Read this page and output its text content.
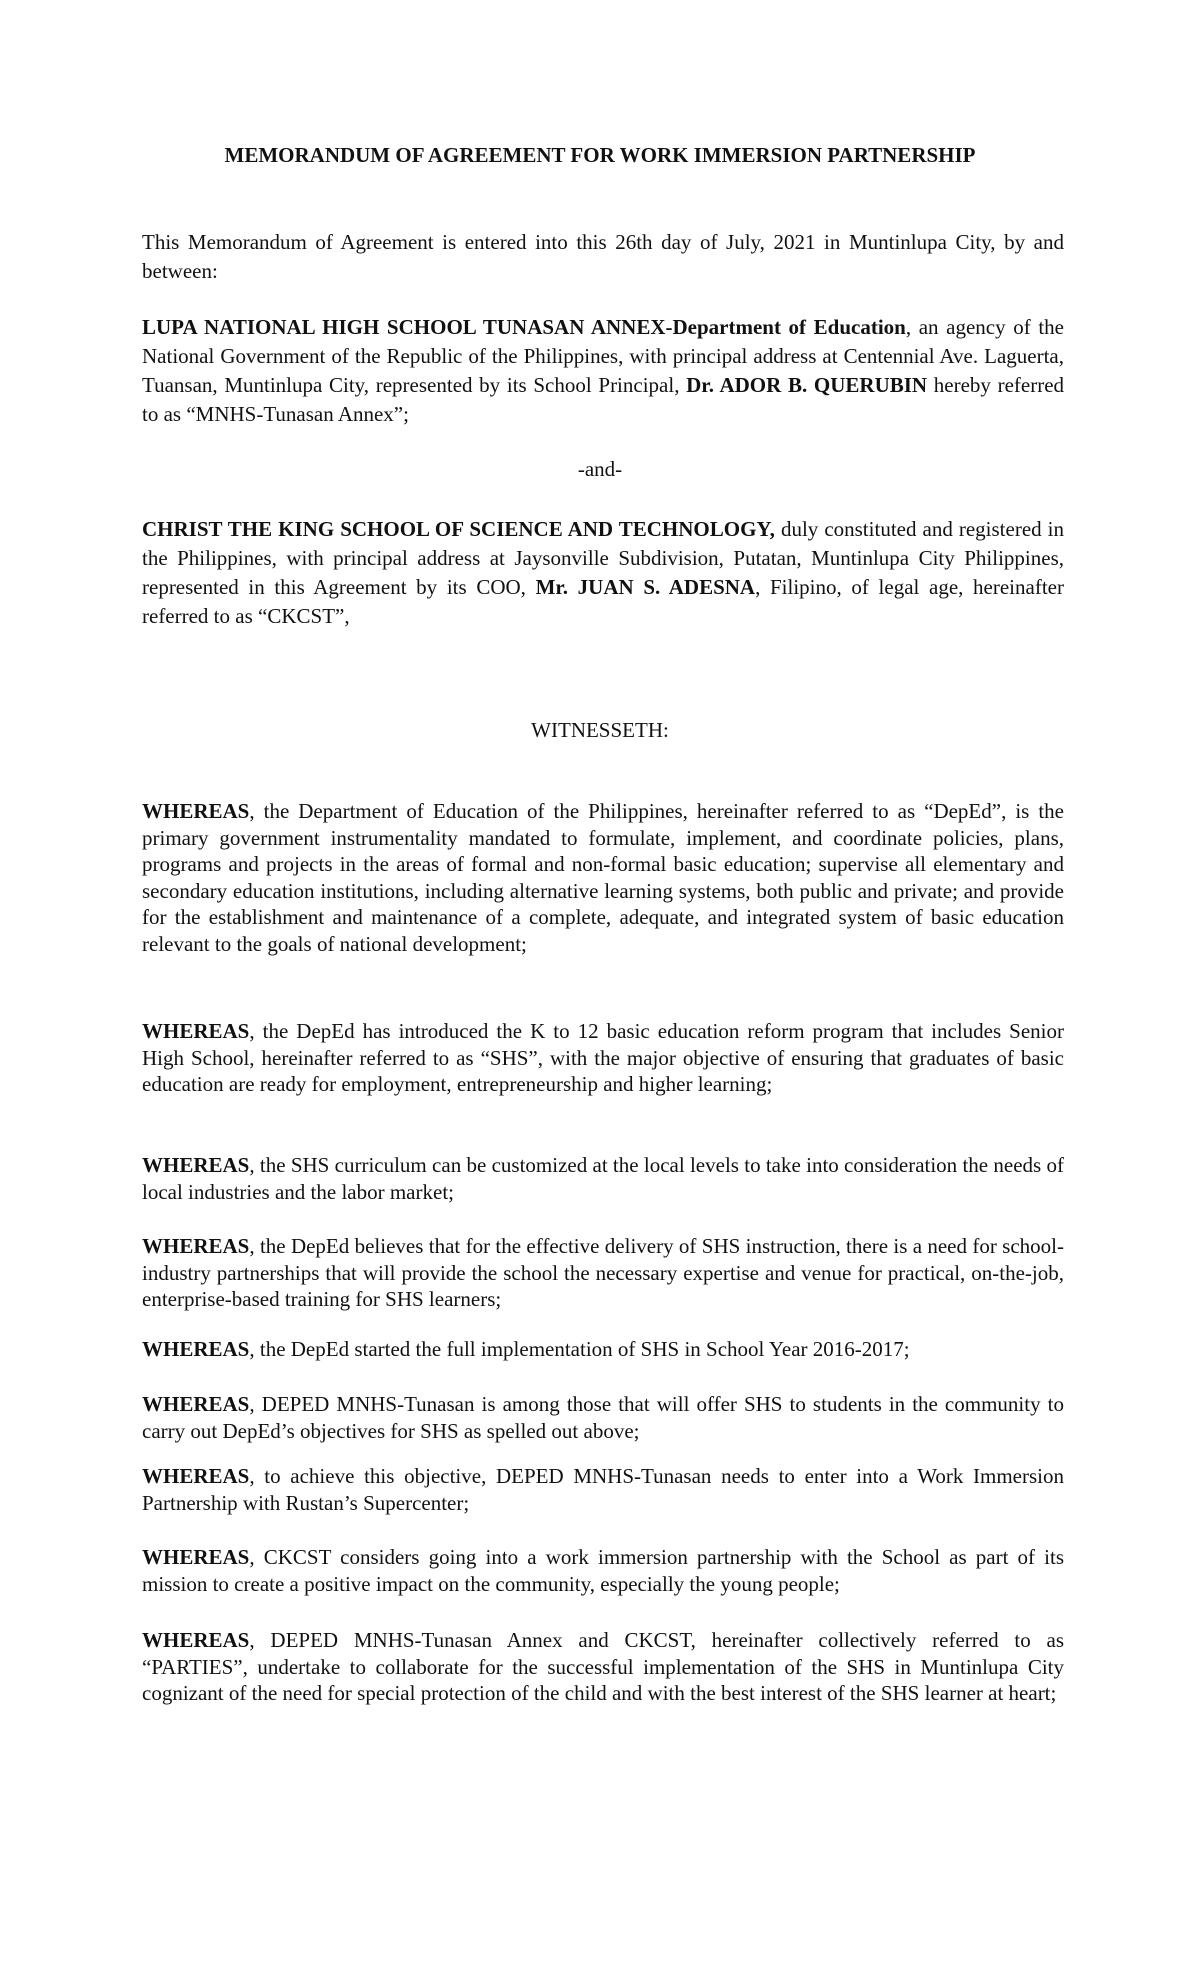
MEMORANDUM OF AGREEMENT FOR WORK IMMERSION PARTNERSHIP

This Memorandum of Agreement is entered into this 26th day of July, 2021 in Muntinlupa City, by and between:

LUPA NATIONAL HIGH SCHOOL TUNASAN ANNEX-Department of Education, an agency of the National Government of the Republic of the Philippines, with principal address at Centennial Ave. Laguerta, Tuansan, Muntinlupa City, represented by its School Principal, Dr. ADOR B. QUERUBIN hereby referred to as “MNHS-Tunasan Annex”;

-and-

CHRIST THE KING SCHOOL OF SCIENCE AND TECHNOLOGY, duly constituted and registered in the Philippines, with principal address at Jaysonville Subdivision, Putatan, Muntinlupa City Philippines, represented in this Agreement by its COO, Mr. JUAN S. ADESNA, Filipino, of legal age, hereinafter referred to as “CKCST”,

WITNESSETH:

WHEREAS, the Department of Education of the Philippines, hereinafter referred to as “DepEd”, is the primary government instrumentality mandated to formulate, implement, and coordinate policies, plans, programs and projects in the areas of formal and non-formal basic education; supervise all elementary and secondary education institutions, including alternative learning systems, both public and private; and provide for the establishment and maintenance of a complete, adequate, and integrated system of basic education relevant to the goals of national development;

WHEREAS, the DepEd has introduced the K to 12 basic education reform program that includes Senior High School, hereinafter referred to as “SHS”, with the major objective of ensuring that graduates of basic education are ready for employment, entrepreneurship and higher learning;

WHEREAS, the SHS curriculum can be customized at the local levels to take into consideration the needs of local industries and the labor market;

WHEREAS, the DepEd believes that for the effective delivery of SHS instruction, there is a need for school-industry partnerships that will provide the school the necessary expertise and venue for practical, on-the-job, enterprise-based training for SHS learners;

WHEREAS, the DepEd started the full implementation of SHS in School Year 2016-2017;

WHEREAS, DEPED MNHS-Tunasan is among those that will offer SHS to students in the community to carry out DepEd’s objectives for SHS as spelled out above;

WHEREAS, to achieve this objective, DEPED MNHS-Tunasan needs to enter into a Work Immersion Partnership with Rustan’s Supercenter;

WHEREAS, CKCST considers going into a work immersion partnership with the School as part of its mission to create a positive impact on the community, especially the young people;

WHEREAS, DEPED MNHS-Tunasan Annex and CKCST, hereinafter collectively referred to as “PARTIES”, undertake to collaborate for the successful implementation of the SHS in Muntinlupa City cognizant of the need for special protection of the child and with the best interest of the SHS learner at heart;
